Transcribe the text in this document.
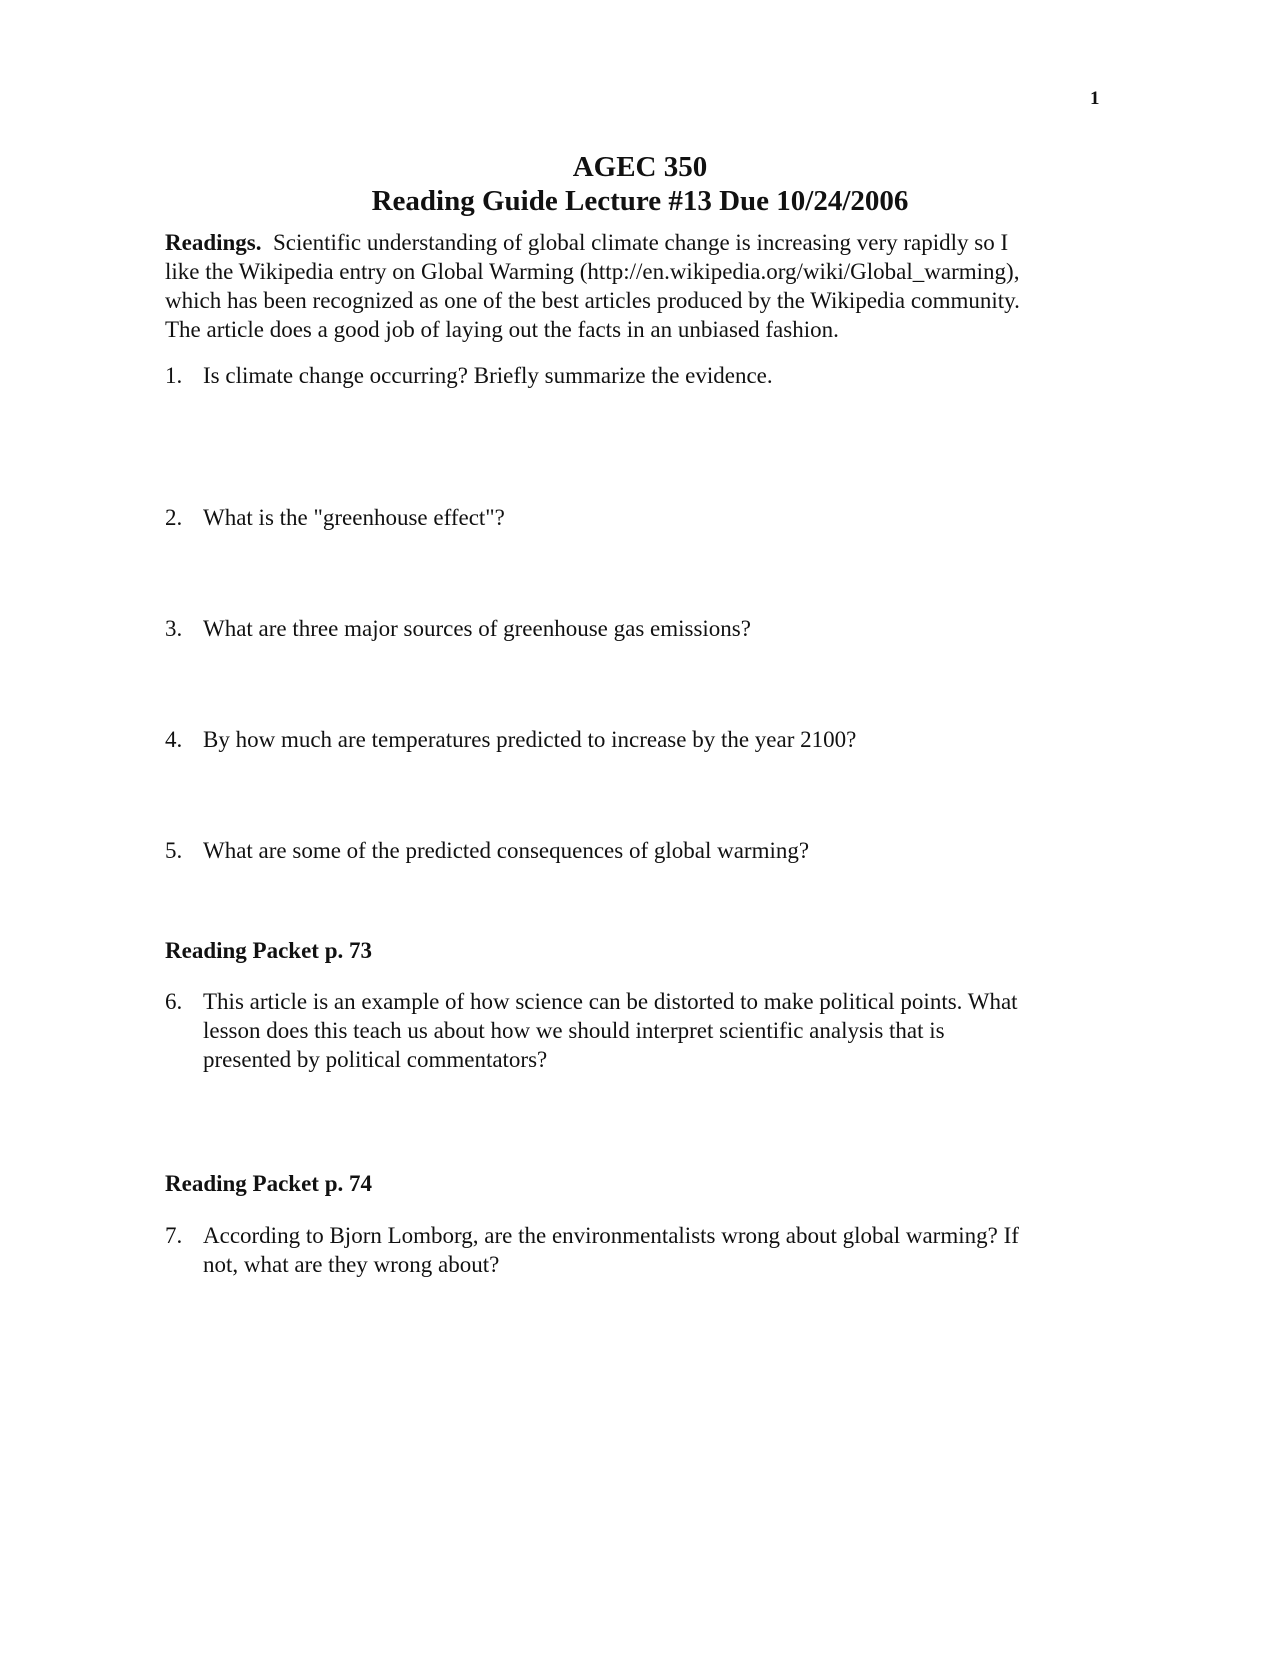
1
AGEC 350
Reading Guide Lecture #13 Due 10/24/2006
Readings. Scientific understanding of global climate change is increasing very rapidly so I
like the Wikipedia entry on Global Warming (http://en.wikipedia.org/wiki/Global_warming),
which has been recognized as one of the best articles produced by the Wikipedia community.
The article does a good job of laying out the facts in an unbiased fashion.
1. Is climate change occurring? Briefly summarize the evidence.
2. What is the "greenhouse effect"?
3. What are three major sources of greenhouse gas emissions?
4. By how much are temperatures predicted to increase by the year 2100?
5. What are some of the predicted consequences of global warming?
Reading Packet p. 73
6. This article is an example of how science can be distorted to make political points. What
lesson does this teach us about how we should interpret scientific analysis that is
presented by political commentators?
Reading Packet p. 74
7. According to Bjorn Lomborg, are the environmentalists wrong about global warming? If
not, what are they wrong about?
